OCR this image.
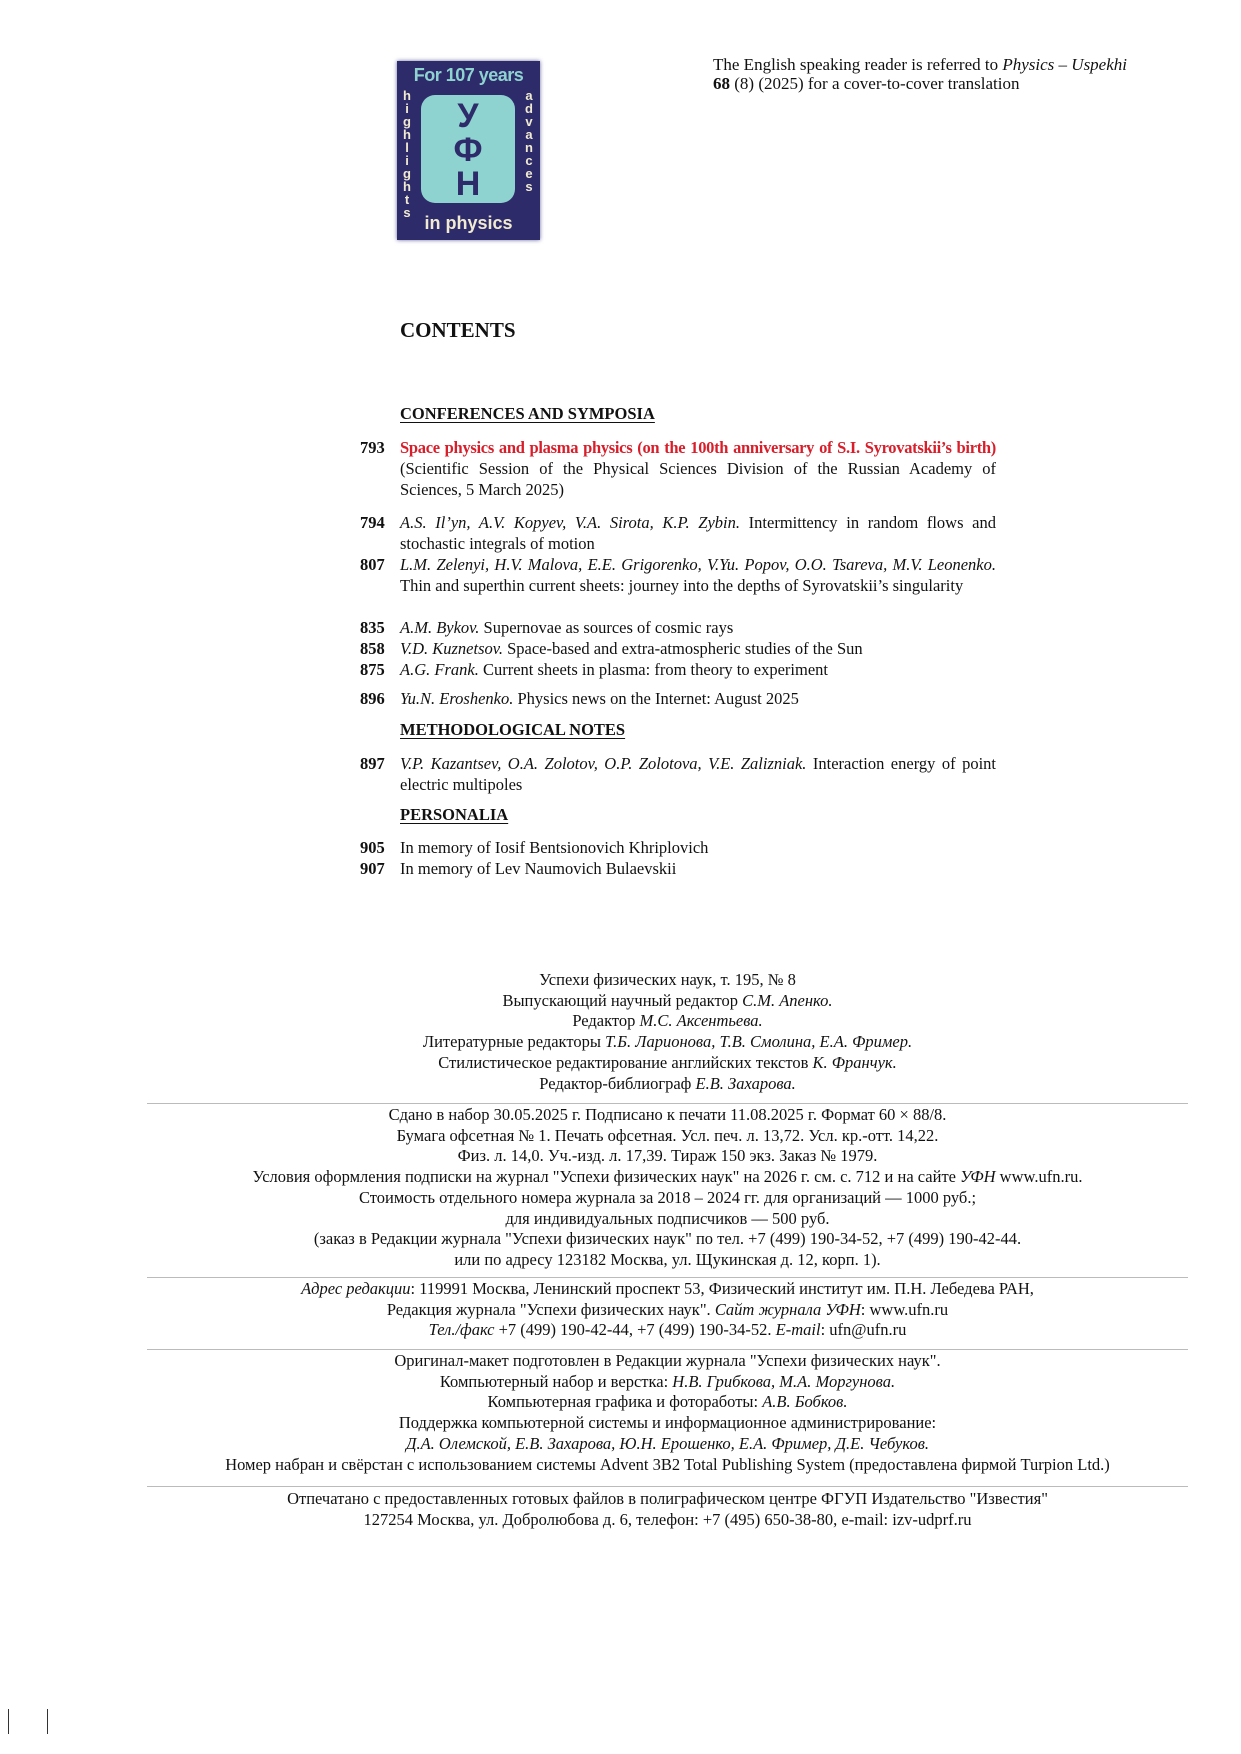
For 107 years
h
i
g
h
l
i
g
h
t
s
У
Ф
Н
a
d
v
a
n
c
e
s
in physics
The English speaking reader is referred to Physics – Uspekhi
68 (8) (2025) for a cover-to-cover translation
CONTENTS
CONFERENCES AND SYMPOSIA
METHODOLOGICAL NOTES
PERSONALIA
793 Space physics and plasma physics (on the 100th anniversary of S.I. Syrovatskii’s birth) (Scientific Session of the Physical Sciences Division of the Russian Academy of Sciences, 5 March 2025)
794 A.S. Il’yn, A.V. Kopyev, V.A. Sirota, K.P. Zybin. Intermittency in random flows and stochastic integrals of motion
807 L.M. Zelenyi, H.V. Malova, E.E. Grigorenko, V.Yu. Popov, O.O. Tsareva, M.V. Leonenko. Thin and superthin current sheets: journey into the depths of Syrovatskii’s singularity
835 A.M. Bykov. Supernovae as sources of cosmic rays
858 V.D. Kuznetsov. Space-based and extra-atmospheric studies of the Sun
875 A.G. Frank. Current sheets in plasma: from theory to experiment
896 Yu.N. Eroshenko. Physics news on the Internet: August 2025
897 V.P. Kazantsev, O.A. Zolotov, O.P. Zolotova, V.E. Zalizniak. Interaction energy of point electric multipoles
905 In memory of Iosif Bentsionovich Khriplovich
907 In memory of Lev Naumovich Bulaevskii
Успехи физических наук, т. 195, № 8
Выпускающий научный редактор С.М. Апенко.
Редактор М.С. Аксентьева.
Литературные редакторы Т.Б. Ларионова, Т.В. Смолина, Е.А. Фример.
Стилистическое редактирование английских текстов К. Франчук.
Редактор-библиограф Е.В. Захарова.
Сдано в набор 30.05.2025 г. Подписано к печати 11.08.2025 г. Формат 60 × 88/8.
Бумага офсетная № 1. Печать офсетная. Усл. печ. л. 13,72. Усл. кр.-отт. 14,22.
Физ. л. 14,0. Уч.-изд. л. 17,39. Тираж 150 экз. Заказ № 1979.
Условия оформления подписки на журнал "Успехи физических наук" на 2026 г. см. с. 712 и на сайте УФН www.ufn.ru.
Стоимость отдельного номера журнала за 2018 – 2024 гг. для организаций — 1000 руб.;
для индивидуальных подписчиков — 500 руб.
(заказ в Редакции журнала "Успехи физических наук" по тел. +7 (499) 190-34-52, +7 (499) 190-42-44.
или по адресу 123182 Москва, ул. Щукинская д. 12, корп. 1).
Адрес редакции: 119991 Москва, Ленинский проспект 53, Физический институт им. П.Н. Лебедева РАН,
Редакция журнала "Успехи физических наук". Сайт журнала УФН: www.ufn.ru
Тел./факс +7 (499) 190-42-44, +7 (499) 190-34-52. E-mail: ufn@ufn.ru
Оригинал-макет подготовлен в Редакции журнала "Успехи физических наук".
Компьютерный набор и верстка: Н.В. Грибкова, М.А. Моргунова.
Компьютерная графика и фотоработы: А.В. Бобков.
Поддержка компьютерной системы и информационное администрирование:
Д.А. Олемской, Е.В. Захарова, Ю.Н. Ерошенко, Е.А. Фример, Д.Е. Чебуков.
Номер набран и свёрстан с использованием системы Advent 3B2 Total Publishing System (предоставлена фирмой Turpion Ltd.)
Отпечатано с предоставленных готовых файлов в полиграфическом центре ФГУП Издательство "Известия"
127254 Москва, ул. Добролюбова д. 6, телефон: +7 (495) 650-38-80, e-mail: izv-udprf.ru
